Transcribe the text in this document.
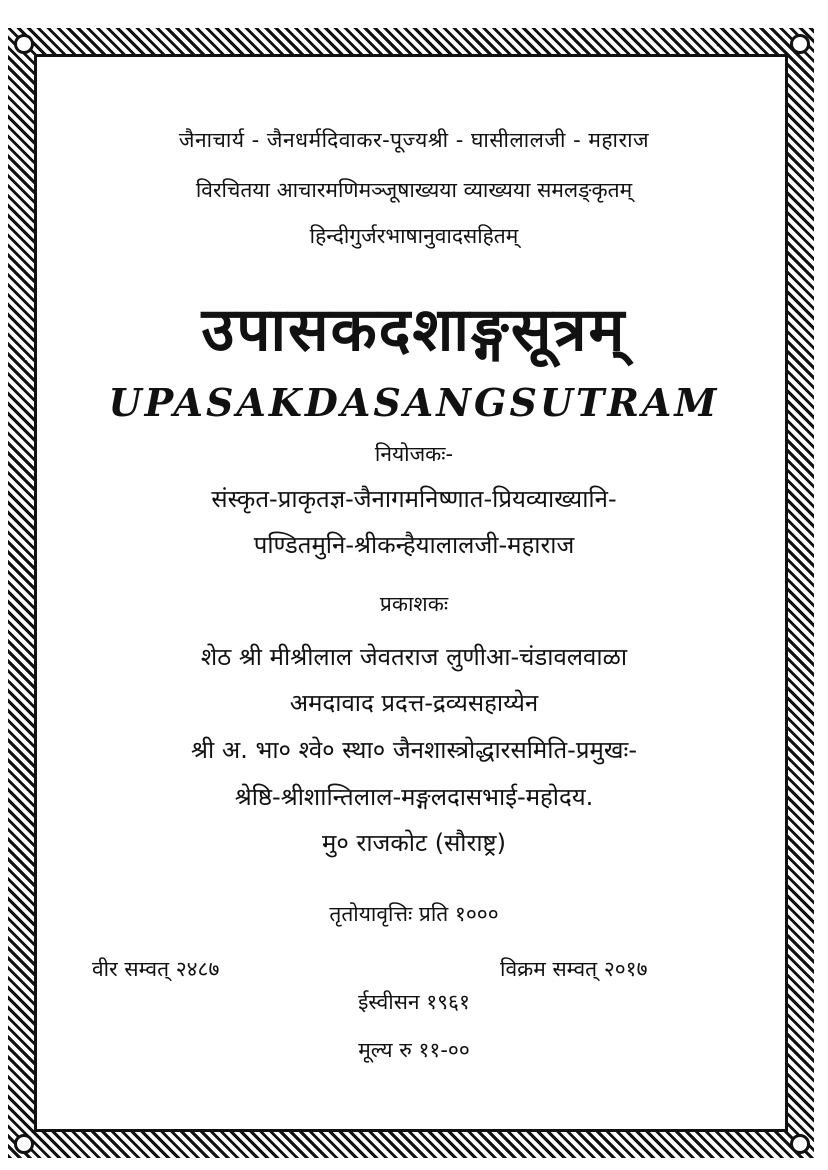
जैनाचार्य - जैनधर्मदिवाकर-पूज्यश्री - घासीलालजी - महाराज
विरचितया आचारमणिमञ्जूषाख्यया व्याख्यया समलङ्कृतम्
हिन्दीगुर्जरभाषानुवादसहितम्
उपासकदशाङ्गसूत्रम्
UPASAKDASANGSUTRAM
नियोजकः-
संस्कृत-प्राकृतज्ञ-जैनागमनिष्णात-प्रियव्याख्यानि-
पण्डितमुनि-श्रीकन्हैयालालजी-महाराज
प्रकाशकः
शेठ श्री मीश्रीलाल जेवतराज लुणीआ-चंडावलवाळा
अमदावाद प्रदत्त-द्रव्यसहाय्येन
श्री अ. भा० श्वे० स्था० जैनशास्त्रोद्धारसमिति-प्रमुखः-
श्रेष्ठि-श्रीशान्तिलाल-मङ्गलदासभाई-महोदय.
मु० राजकोट (सौराष्ट्र)
तृतोयावृत्तिः प्रति १०००
वीर सम्वत् २४८७	विक्रम सम्वत् २०१७
ईस्वीसन १९६१
मूल्य रु ११-००
